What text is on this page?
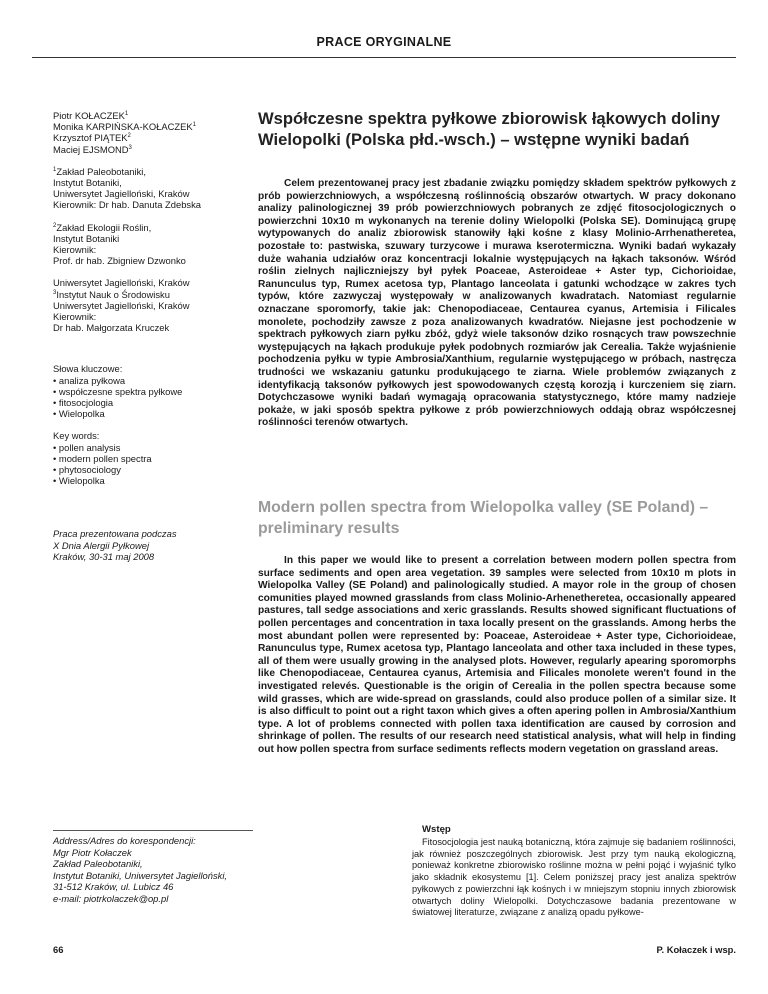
PRACE ORYGINALNE
Piotr KOŁACZEK$^1$
Monika KARPIŃSKA-KOŁACZEK$^1$
Krzysztof PIĄTEK$^2$
Maciej EJSMOND$^3$
$^1$Zakład Paleobotaniki,
Instytut Botaniki,
Uniwersytet Jagielloński, Kraków
Kierownik: Dr hab. Danuta Zdebska
$^2$Zakład Ekologii Roślin,
Instytut Botaniki
Kierownik:
Prof. dr hab. Zbigniew Dzwonko
Uniwersytet Jagielloński, Kraków
$^3$Instytut Nauk o Środowisku
Uniwersytet Jagielloński, Kraków
Kierownik:
Dr hab. Małgorzata Kruczek
Słowa kluczowe:
• analiza pyłkowa
• współczesne spektra pyłkowe
• fitosocjologia
• Wielopolka
Key words:
• pollen analysis
• modern pollen spectra
• phytosociology
• Wielopolka
Praca prezentowana podczas
X Dnia Alergii Pyłkowej
Kraków, 30-31 maj 2008
Współczesne spektra pyłkowe zbiorowisk łąkowych doliny Wielopolki (Polska płd.-wsch.) – wstępne wyniki badań

Celem prezentowanej pracy jest zbadanie związku pomiędzy składem spektrów pyłkowych z prób powierzchniowych, a współczesną roślinnością obszarów otwartych. W pracy dokonano analizy palinologicznej 39 prób powierzchniowych pobranych ze zdjęć fitosocjologicznych o powierzchni 10x10 m wykonanych na terenie doliny Wielopolki (Polska SE). Dominującą grupę wytypowanych do analiz zbiorowisk stanowiły łąki kośne z klasy Molinio-Arrhenatheretea, pozostałe to: pastwiska, szuwary turzycowe i murawa kserotermiczna. Wyniki badań wykazały duże wahania udziałów oraz koncentracji lokalnie występujących na łąkach taksonów. Wśród roślin zielnych najliczniejszy był pyłek Poaceae, Asteroideae + Aster typ, Cichorioidae, Ranunculus typ, Rumex acetosa typ, Plantago lanceolata i gatunki wchodzące w zakres tych typów, które zazwyczaj występowały w analizowanych kwadratach. Natomiast regularnie oznaczane sporomorfy, takie jak: Chenopodiaceae, Centaurea cyanus, Artemisia i Filicales monolete, pochodziły zawsze z poza analizowanych kwadratów. Niejasne jest pochodzenie w spektrach pyłkowych ziarn pyłku zbóż, gdyż wiele taksonów dziko rosnących traw powszechnie występujących na łąkach produkuje pyłek podobnych rozmiarów jak Cerealia. Także wyjaśnienie pochodzenia pyłku w typie Ambrosia/Xanthium, regularnie występującego w próbach, nastręcza trudności we wskazaniu gatunku produkującego te ziarna. Wiele problemów związanych z identyfikacją taksonów pyłkowych jest spowodowanych częstą korozją i kurczeniem się ziarn. Dotychczasowe wyniki badań wymagają opracowania statystycznego, które mamy nadzieje pokaże, w jaki sposób spektra pyłkowe z prób powierzchniowych oddają obraz współczesnej roślinności terenów otwartych.

Modern pollen spectra from Wielopolka valley (SE Poland) – preliminary results

In this paper we would like to present a correlation between modern pollen spectra from surface sediments and open area vegetation. 39 samples were selected from 10x10 m plots in Wielopolka Valley (SE Poland) and palinologically studied. A mayor role in the group of chosen comunities played mowned grasslands from class Molinio-Arhenetheretea, occasionally appeared pastures, tall sedge associations and xeric grasslands. Results showed significant fluctuations of pollen percentages and concentration in taxa locally present on the grasslands. Among herbs the most abundant pollen were represented by: Poaceae, Asteroideae + Aster type, Cichorioideae, Ranunculus type, Rumex acetosa typ, Plantago lanceolata and other taxa included in these types, all of them were usually growing in the analysed plots. However, regularly apearing sporomorphs like Chenopodiaceae, Centaurea cyanus, Artemisia and Filicales monolete weren't found in the investigated relevés. Questionable is the origin of Cerealia in the pollen spectra because some wild grasses, which are wide-spread on grasslands, could also produce pollen of a similar size. It is also difficult to point out a right taxon which gives a often apering pollen in Ambrosia/Xanthium type. A lot of problems connected with pollen taxa identification are caused by corrosion and shrinkage of pollen. The results of our research need statistical analysis, what will help in finding out how pollen spectra from surface sediments reflects modern vegetation on grassland areas.

Address/Adres do korespondencji:
Mgr Piotr Kołaczek
Zakład Paleobotaniki,
Instytut Botaniki, Uniwersytet Jagielloński,
31-512 Kraków, ul. Lubicz 46
e-mail: piotrkolaczek@op.pl
Wstęp

Fitosocjologia jest nauką botaniczną, która zajmuje się badaniem roślinności, jak również poszczególnych zbiorowisk. Jest przy tym nauką ekologiczną, ponieważ konkretne zbiorowisko roślinne można w pełni pojąć i wyjaśnić tylko jako składnik ekosystemu [1]. Celem poniższej pracy jest analiza spektrów pyłkowych z powierzchni łąk kośnych i w mniejszym stopniu innych zbiorowisk otwartych doliny Wielopolki. Dotychczasowe badania prezentowane w światowej literaturze, związane z analizą opadu pyłkowe-

66	P. Kołaczek i wsp.
